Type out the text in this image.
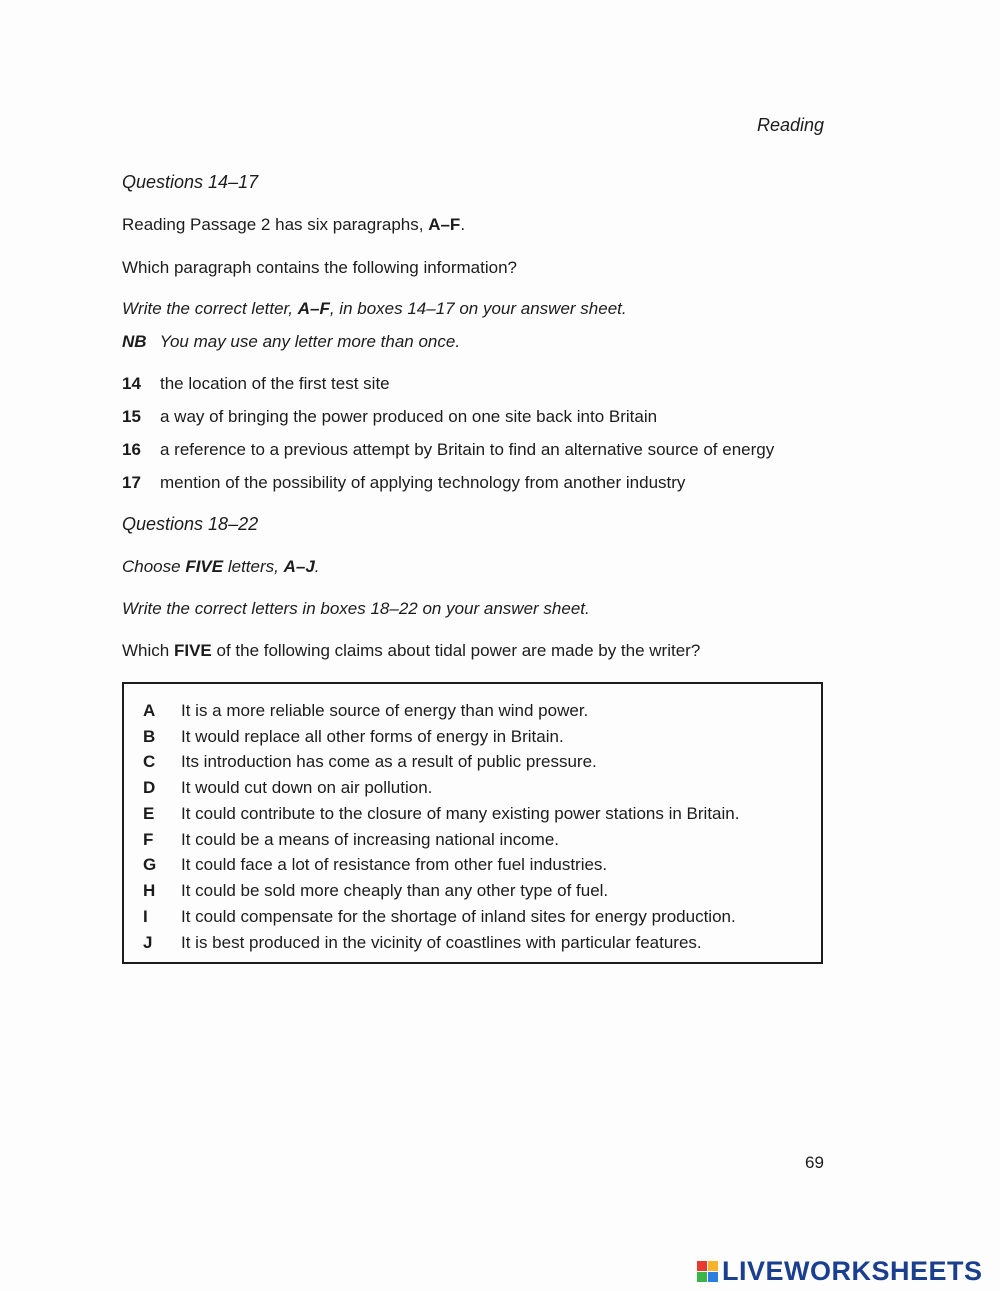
Reading
Questions 14–17
Reading Passage 2 has six paragraphs, A–F.
Which paragraph contains the following information?
Write the correct letter, A–F, in boxes 14–17 on your answer sheet.
NB You may use any letter more than once.
14 the location of the first test site
15 a way of bringing the power produced on one site back into Britain
16 a reference to a previous attempt by Britain to find an alternative source of energy
17 mention of the possibility of applying technology from another industry
Questions 18–22
Choose FIVE letters, A–J.
Write the correct letters in boxes 18–22 on your answer sheet.
Which FIVE of the following claims about tidal power are made by the writer?
A	It is a more reliable source of energy than wind power.
B	It would replace all other forms of energy in Britain.
C	Its introduction has come as a result of public pressure.
D	It would cut down on air pollution.
E	It could contribute to the closure of many existing power stations in Britain.
F	It could be a means of increasing national income.
G	It could face a lot of resistance from other fuel industries.
H	It could be sold more cheaply than any other type of fuel.
I	It could compensate for the shortage of inland sites for energy production.
J	It is best produced in the vicinity of coastlines with particular features.
69
LIVEWORKSHEETS
